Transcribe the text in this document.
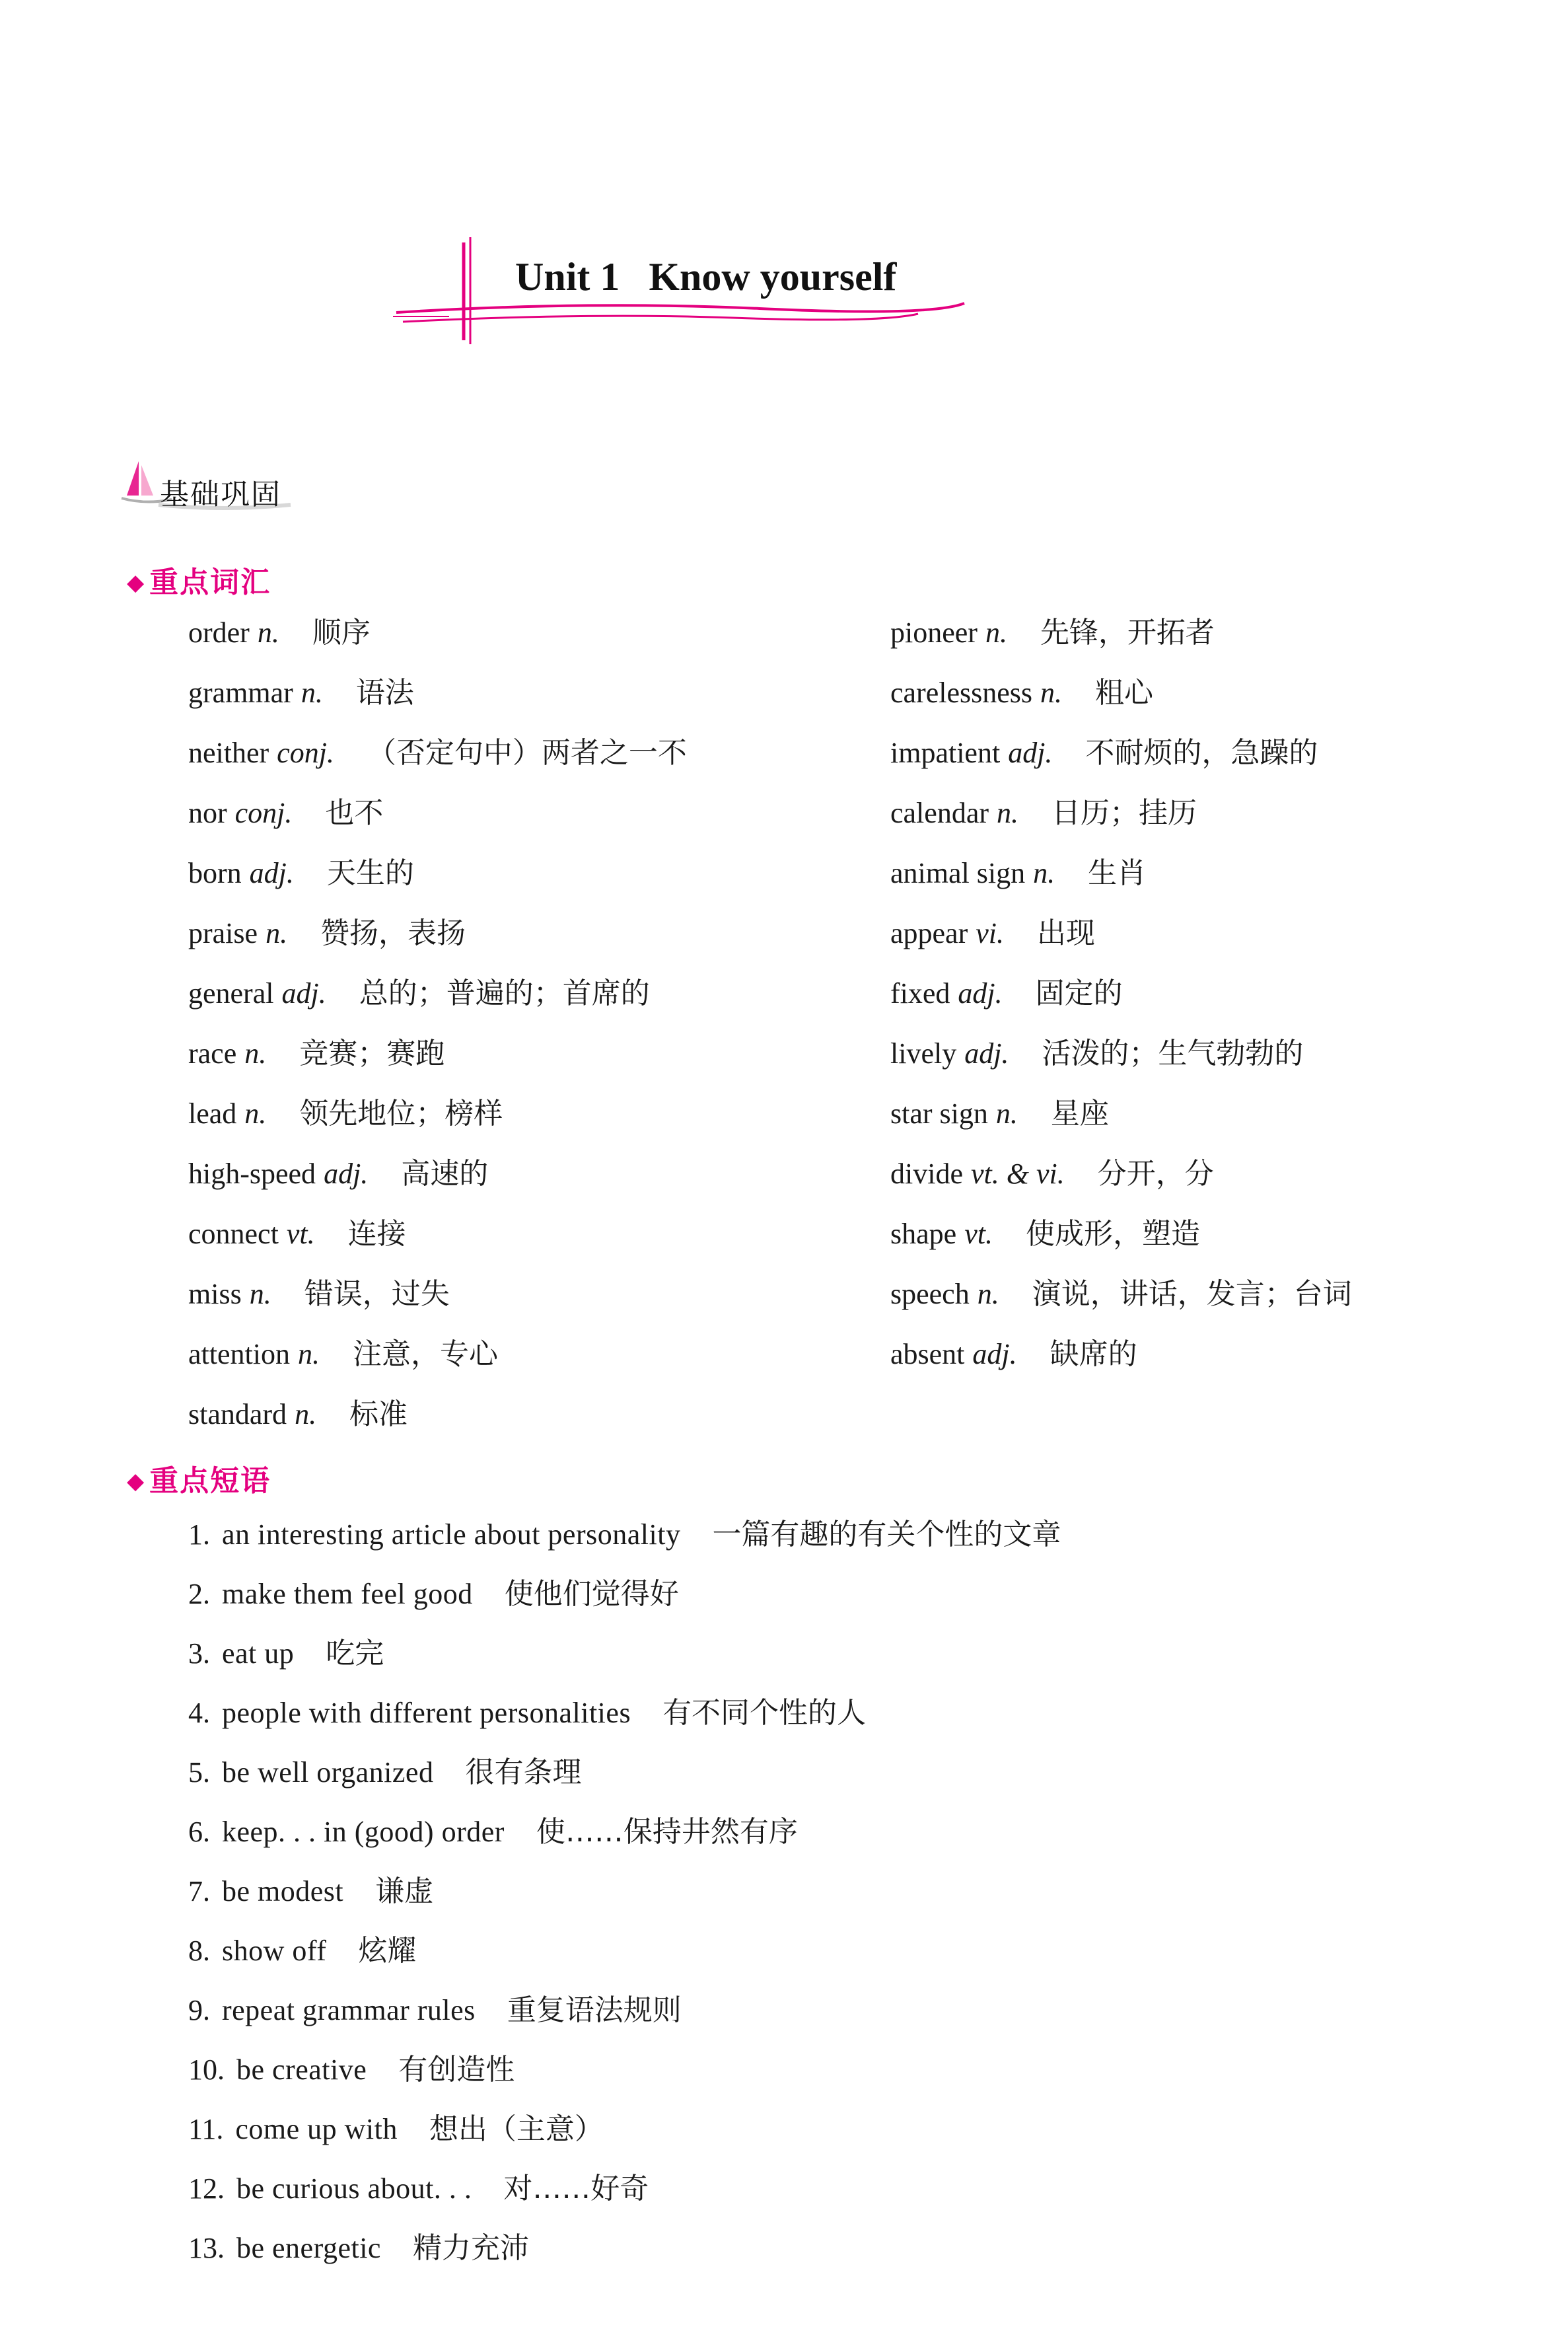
Unit 1 Know yourself
基础巩固
◆ 重点词汇
order n. 顺序
grammar n. 语法
neither conj. （否定句中）两者之一不
nor conj. 也不
born adj. 天生的
praise n. 赞扬，表扬
general adj. 总的；普遍的；首席的
race n. 竞赛；赛跑
lead n. 领先地位；榜样
high-speed adj. 高速的
connect vt. 连接
miss n. 错误，过失
attention n. 注意，专心
standard n. 标准
pioneer n. 先锋，开拓者
carelessness n. 粗心
impatient adj. 不耐烦的，急躁的
calendar n. 日历；挂历
animal sign n. 生肖
appear vi. 出现
fixed adj. 固定的
lively adj. 活泼的；生气勃勃的
star sign n. 星座
divide vt. & vi. 分开，分
shape vt. 使成形，塑造
speech n. 演说，讲话，发言；台词
absent adj. 缺席的
◆ 重点短语
1. an interesting article about personality 一篇有趣的有关个性的文章
2. make them feel good 使他们觉得好
3. eat up 吃完
4. people with different personalities 有不同个性的人
5. be well organized 很有条理
6. keep. . . in (good) order 使……保持井然有序
7. be modest 谦虚
8. show off 炫耀
9. repeat grammar rules 重复语法规则
10. be creative 有创造性
11. come up with 想出（主意）
12. be curious about. . . 对……好奇
13. be energetic 精力充沛
